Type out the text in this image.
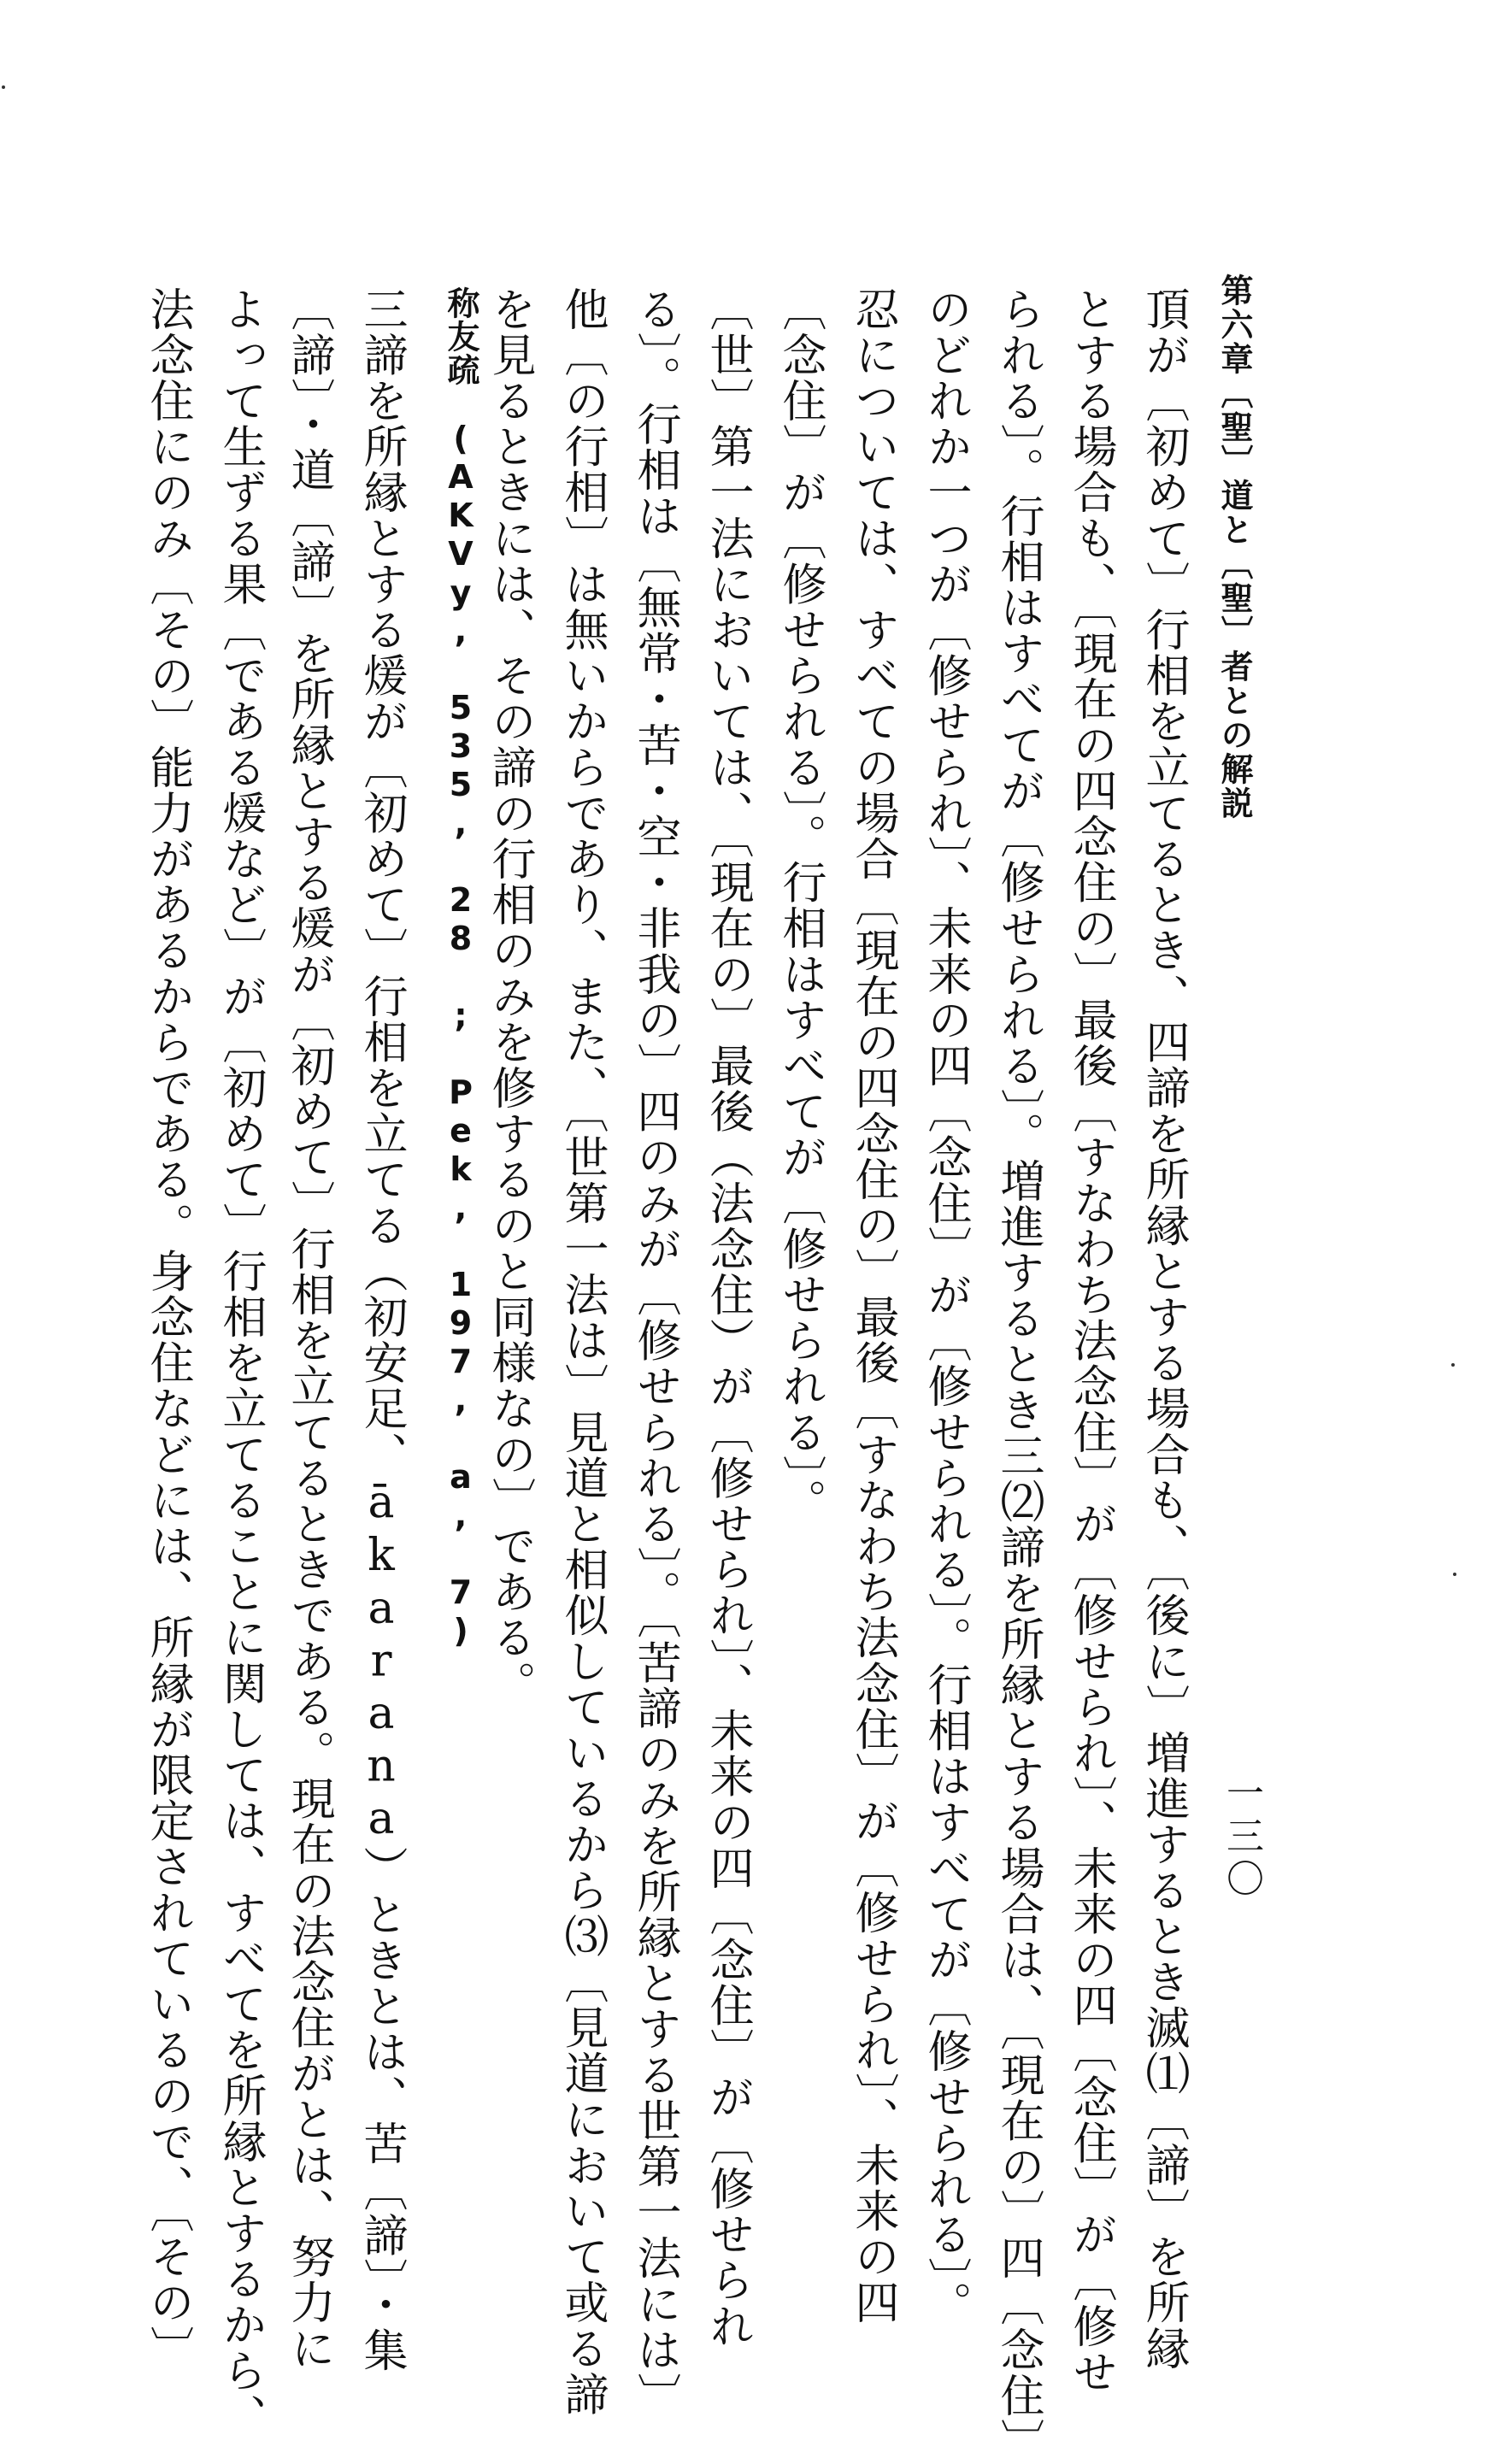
第六章〔聖〕道と〔聖〕者との解説
一三〇
頂が〔初めて〕行相を立てるとき、四諦を所縁とする場合も、〔後に〕増進するとき滅⑴〔諦〕を所縁
とする場合も、〔現在の四念住の〕最後〔すなわち法念住〕が〔修せられ〕、未来の四〔念住〕が〔修せ
られる〕。行相はすべてが〔修せられる〕。増進するとき三⑵諦を所縁とする場合は、〔現在の〕四〔念住〕
のどれか一つが〔修せられ〕、未来の四〔念住〕が〔修せられる〕。行相はすべてが〔修せられる〕。
忍については、すべての場合〔現在の四念住の〕最後〔すなわち法念住〕が〔修せられ〕、未来の四
〔念住〕が〔修せられる〕。行相はすべてが〔修せられる〕。
〔世〕第一法においては、〔現在の〕最後（法念住）が〔修せられ〕、未来の四〔念住〕が〔修せられ
る〕。行相は〔無常・苦・空・非我の〕四のみが〔修せられる〕。〔苦諦のみを所縁とする世第一法には〕
他〔の行相〕は無いからであり、また、〔世第一法は〕見道と相似しているから⑶〔見道において或る諦
を見るときには、その諦の行相のみを修するのと同様なの〕である。
称友疏　(AKVy, 535, 28 ; Pek, 197, a, 7)
三諦を所縁とする煖が〔初めて〕行相を立てる（初安足、ākarana）ときとは、苦〔諦〕・集
〔諦〕・道〔諦〕を所縁とする煖が〔初めて〕行相を立てるときである。現在の法念住がとは、努力に
よって生ずる果〔である煖など〕が〔初めて〕行相を立てることに関しては、すべてを所縁とするから、
法念住にのみ〔その〕能力があるからである。身念住などには、所縁が限定されているので、〔その〕
